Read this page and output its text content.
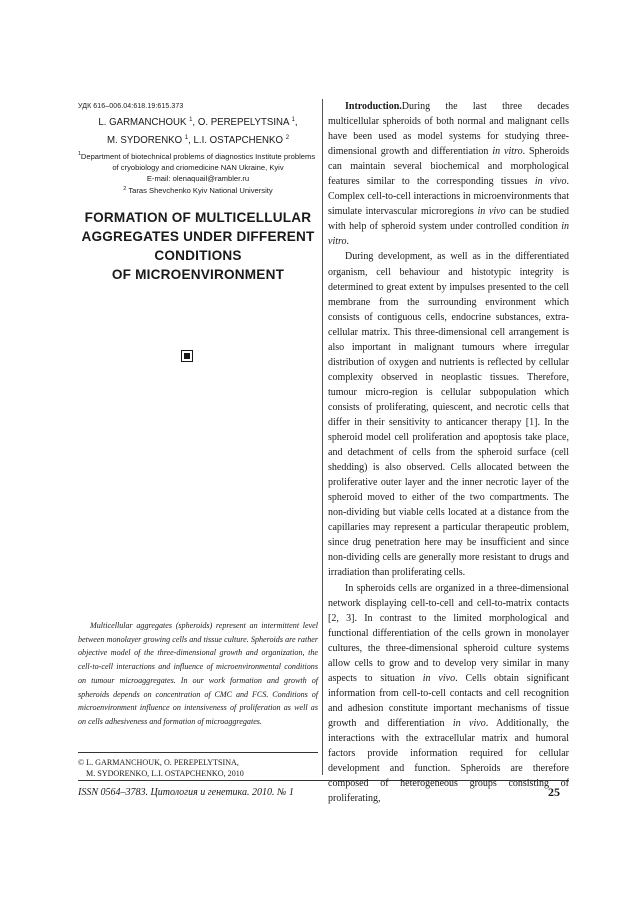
УДК 616–006.04:618.19:615.373

L. GARMANCHOUK $^1$, O. PEREPELYTSINA $^1$,
M. SYDORENKO $^1$, L.I. OSTAPCHENKO $^2$

1 Department of biotechnical problems of diagnostics Institute problems of cryobiology and criomedicine NAN Ukraine, Kyiv
E-mail: olenaquail@rambler.ru
$^2$ Taras Shevchenko Kyiv National University

FORMATION OF MULTICELLULAR
AGGREGATES UNDER DIFFERENT
CONDITIONS
OF MICROENVIRONMENT

Multicellular aggregates (spheroids) represent an intermittent level between monolayer growing cells and tissue culture. Spheroids are rather objective model of the three-dimensional growth and organization, the cell-to-cell interactions and influence of microenvironmental conditions on tumour microaggregates. In our work formation and growth of spheroids depends on concentration of CMC and FCS. Conditions of microenvironment influence on intensiveness of proliferation as well as on cells adhesiveness and formation of microaggregates.

© L. GARMANCHOUK, O. PEREPELYTSINA,
M. SYDORENKO, L.I. OSTAPCHENKO, 2010

Introduction.During the last three decades multicellular spheroids of both normal and malignant cells have been used as model systems for studying three-dimensional growth and differentiation in vitro. Spheroids can maintain several biochemical and morphological features similar to the corresponding tissues in vivo. Complex cell-to-cell interactions in microenvironments that simulate intervascular microregions in vivo can be studied with help of spheroid system under controlled condition in vitro.

During development, as well as in the differentiated organism, cell behaviour and histotypic integrity is determined to great extent by impulses presented to the cell membrane from the surrounding environment which consists of contiguous cells, endocrine substances, extra-cellular matrix. This three-dimensional cell arrangement is also important in malignant tumours where irregular distribution of oxygen and nutrients is reflected by cellular complexity observed in neoplastic tissues. Therefore, tumour micro-region is cellular subpopulation which consists of proliferating, quiescent, and necrotic cells that differ in their sensitivity to anticancer therapy [1]. In the spheroid model cell proliferation and apoptosis take place, and detachment of cells from the spheroid surface (cell shedding) is also observed. Cells allocated between the proliferative outer layer and the inner necrotic layer of the spheroid moved to either of the two compartments. The non-dividing but viable cells located at a distance from the capillaries may represent a particular therapeutic problem, since drug penetration here may be insufficient and since non-dividing cells are generally more resistant to drugs and irradiation than proliferating cells.

In spheroids cells are organized in a three-dimensional network displaying cell-to-cell and cell-to-matrix contacts [2, 3]. In contrast to the limited morphological and functional differentiation of the cells grown in monolayer cultures, the three-dimensional spheroid culture systems allow cells to grow and to develop very similar in many aspects to situation in vivo. Cells obtain significant information from cell-to-cell contacts and cell recognition and adhesion constitute important mechanisms of tissue growth and differentiation in vivo. Additionally, the interactions with the extracellular matrix and humoral factors provide information required for cellular development and function. Spheroids are therefore composed of heterogeneous groups consisting of proliferating,

ISSN 0564–3783. Цитология и генетика. 2010. № 1	25
